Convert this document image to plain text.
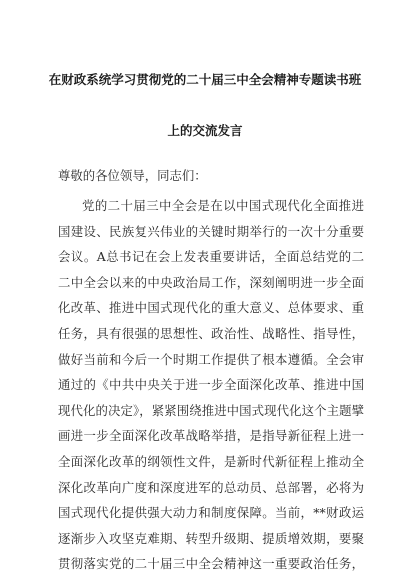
在财政系统学习贯彻党的二十届三中全会精神专题读书班
上的交流发言
尊敬的各位领导，同志们：
党的二十届三中全会是在以中国式现代化全面推进
国建设、民族复兴伟业的关键时期举行的一次十分重要
会议。A总书记在会上发表重要讲话，全面总结党的二
二中全会以来的中央政治局工作，深刻阐明进一步全面
化改革、推进中国式现代化的重大意义、总体要求、重
任务，具有很强的思想性、政治性、战略性、指导性，
做好当前和今后一个时期工作提供了根本遵循。全会审
通过的《中共中央关于进一步全面深化改革、推进中国
现代化的决定》，紧紧围绕推进中国式现代化这个主题擘
画进一步全面深化改革战略举措，是指导新征程上进一
全面深化改革的纲领性文件，是新时代新征程上推动全
深化改革向广度和深度进军的总动员、总部署，必将为
国式现代化提供强大动力和制度保障。当前，**财政运
逐渐步入攻坚克难期、转型升级期、提质增效期，要聚
贯彻落实党的二十届三中全会精神这一重要政治任务，
